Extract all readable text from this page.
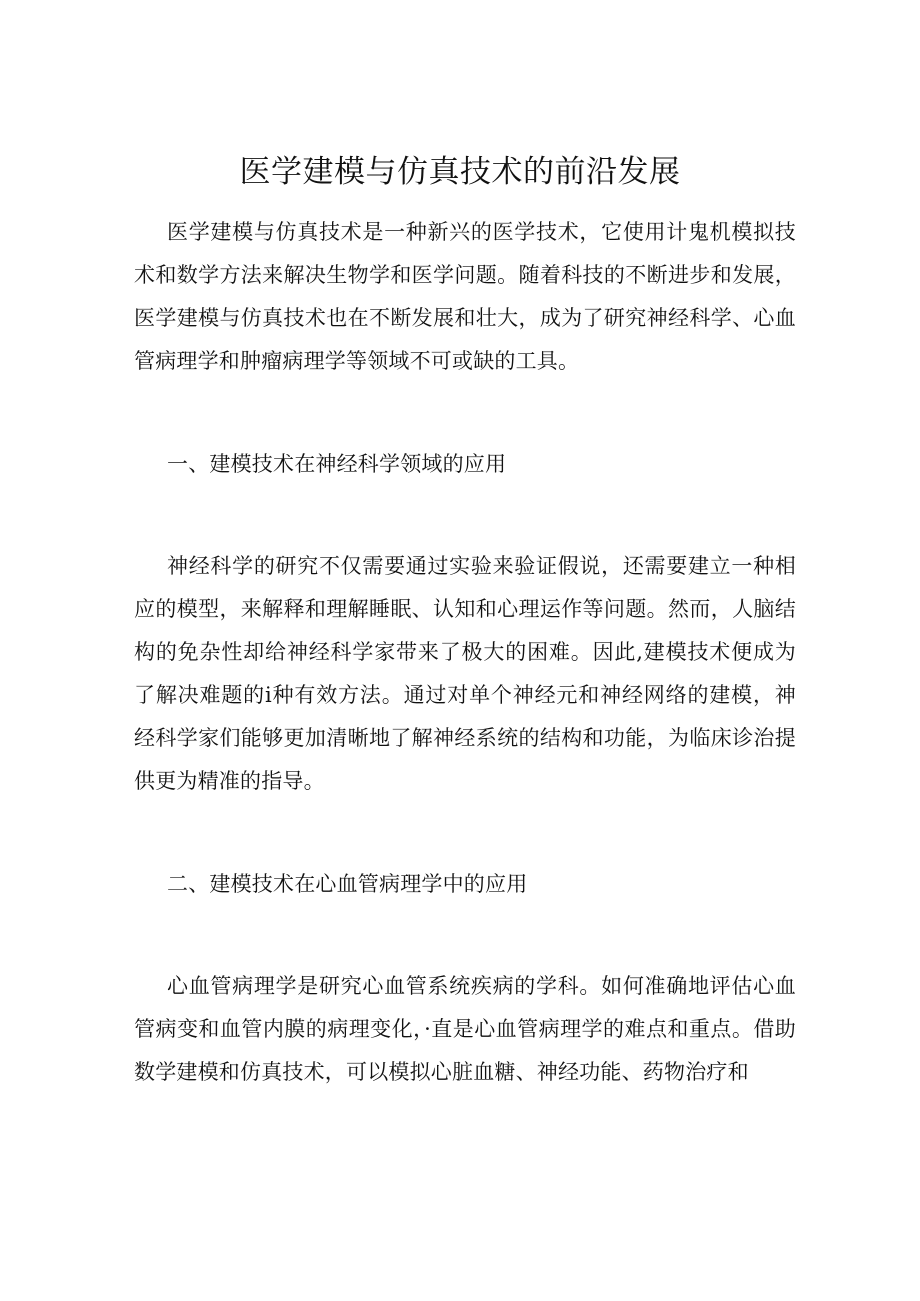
医学建模与仿真技术的前沿发展

医学建模与仿真技术是一种新兴的医学技术，它使用计鬼机模拟技术和数学方法来解决生物学和医学问题。随着科技的不断进步和发展，医学建模与仿真技术也在不断发展和壮大，成为了研究神经科学、心血管病理学和肿瘤病理学等领域不可或缺的工具。

一、建模技术在神经科学领域的应用

神经科学的研究不仅需要通过实验来验证假说，还需要建立一种相应的模型，来解释和理解睡眠、认知和心理运作等问题。然而，人脑结构的免杂性却给神经科学家带来了极大的困难。因此,建模技术便成为了解决难题的i种有效方法。通过对单个神经元和神经网络的建模，神经科学家们能够更加清晰地了解神经系统的结构和功能，为临床诊治提供更为精准的指导。

二、建模技术在心血管病理学中的应用

心血管病理学是研究心血管系统疾病的学科。如何准确地评估心血管病变和血管内膜的病理变化，·直是心血管病理学的难点和重点。借助数学建模和仿真技术，可以模拟心脏血糖、神经功能、药物治疗和
